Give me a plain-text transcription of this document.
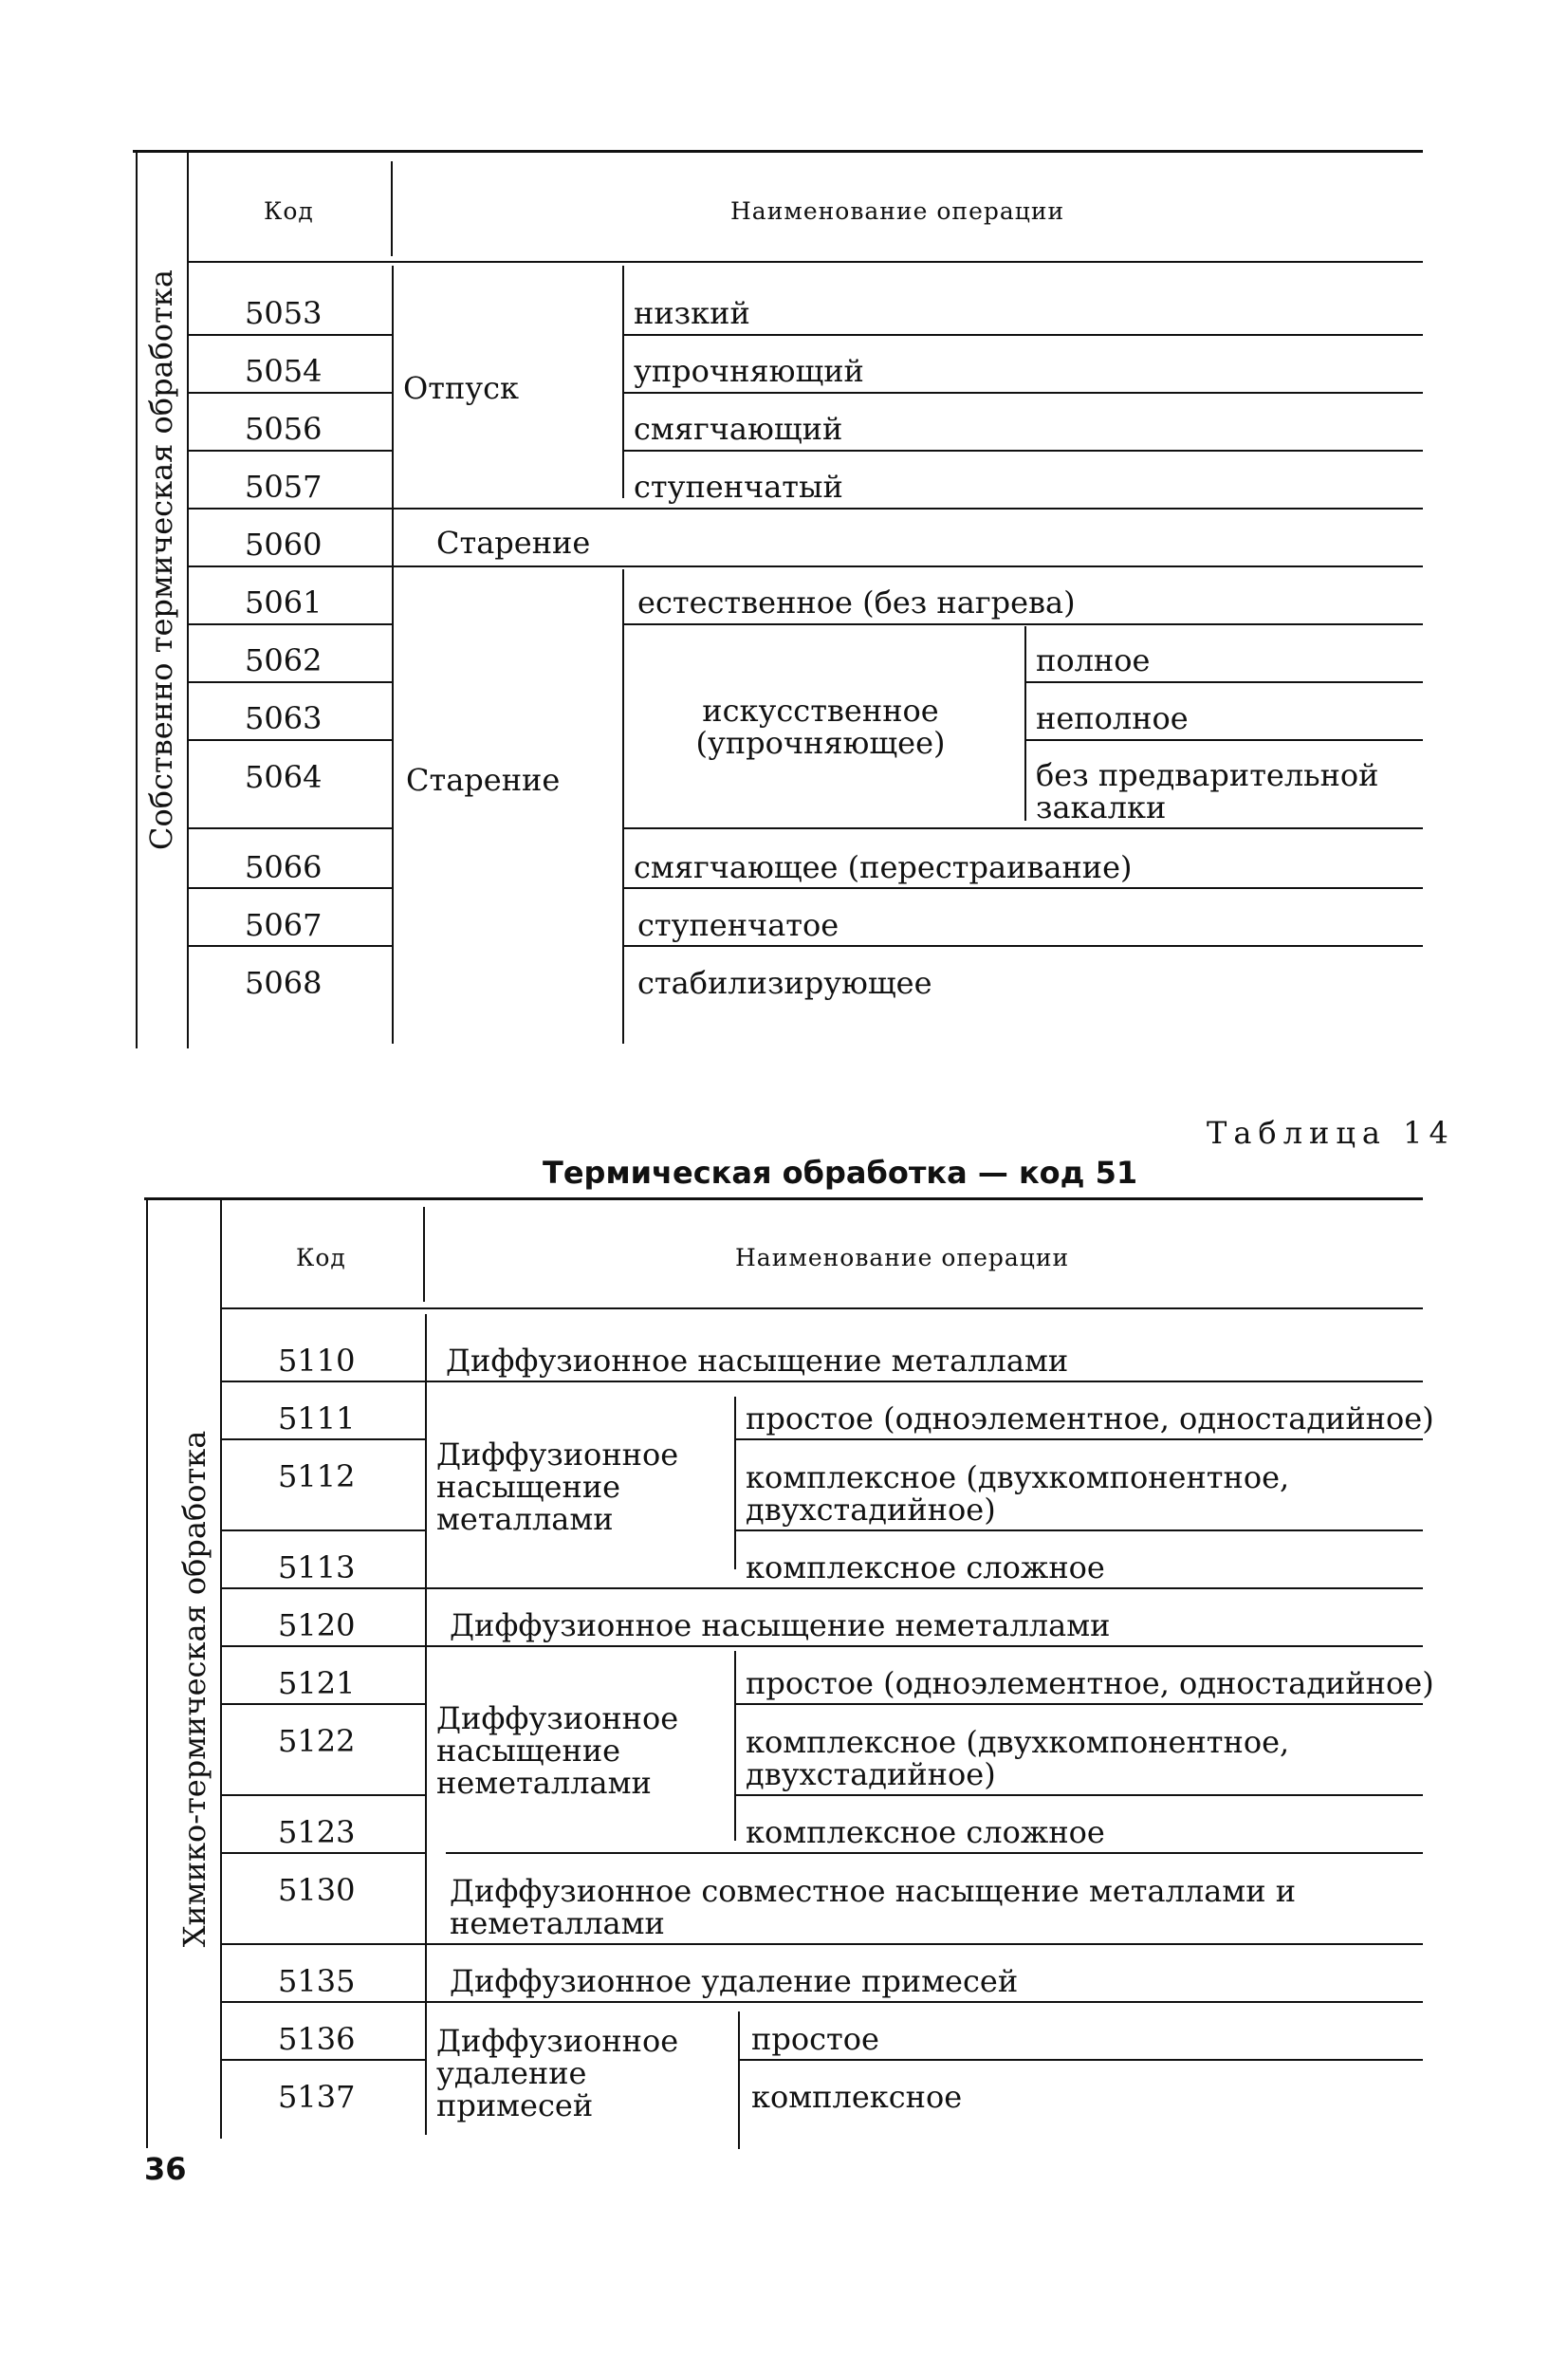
Собственно термическая обработка
Код	Наименование операции
5053
5054
5056
5057
5060
5061
5062
5063
5064
5066
5067
5068
Отпуск
Старение
Старение
искусственное (упрочняющее)
низкий
упрочняющий
смягчающий
ступенчатый
естественное (без нагрева)
полное
неполное
без предварительной закалки
смягчающее (перестраивание)
ступенчатое
стабилизирующее
Таблица 14
Термическая обработка — код 51
Химико-термическая обработка
Код	Наименование операции
5110
5111
5112
5113
5120
5121
5122
5123
5130
5135
5136
5137
Диффузионное насыщение металлами
Диффузионное насыщение неметаллами
Диффузионное удаление примесей
Диффузионное насыщение металлами
простое (одноэлементное, одностадийное)
комплексное (двухкомпонентное, двухстадийное)
комплексное сложное
Диффузионное насыщение неметаллами
простое (одноэлементное, одностадийное)
комплексное (двухкомпонентное, двухстадийное)
комплексное сложное
Диффузионное совместное насыщение металлами и неметаллами
Диффузионное удаление примесей
простое
комплексное
36
